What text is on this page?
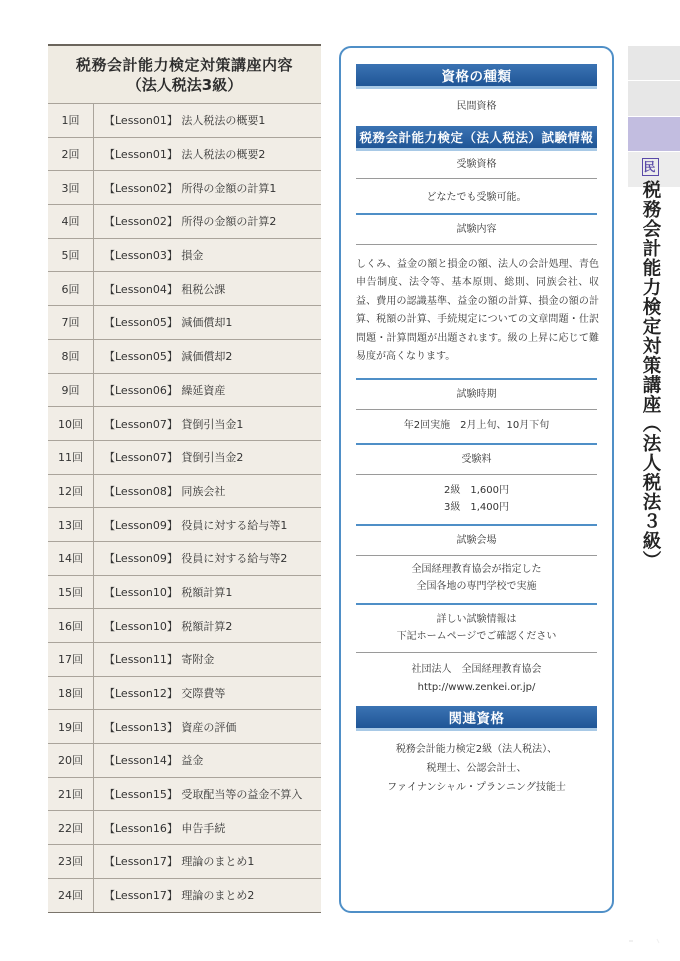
税務会計能力検定対策講座内容
（法人税法3級）
1回	【Lesson01】 法人税法の概要1
2回	【Lesson01】 法人税法の概要2
3回	【Lesson02】 所得の金額の計算1
4回	【Lesson02】 所得の金額の計算2
5回	【Lesson03】 損金
6回	【Lesson04】 租税公課
7回	【Lesson05】 減価償却1
8回	【Lesson05】 減価償却2
9回	【Lesson06】 繰延資産
10回	【Lesson07】 貸倒引当金1
11回	【Lesson07】 貸倒引当金2
12回	【Lesson08】 同族会社
13回	【Lesson09】 役員に対する給与等1
14回	【Lesson09】 役員に対する給与等2
15回	【Lesson10】 税額計算1
16回	【Lesson10】 税額計算2
17回	【Lesson11】 寄附金
18回	【Lesson12】 交際費等
19回	【Lesson13】 資産の評価
20回	【Lesson14】 益金
21回	【Lesson15】 受取配当等の益金不算入
22回	【Lesson16】 申告手続
23回	【Lesson17】 理論のまとめ1
24回	【Lesson17】 理論のまとめ2
資格の種類
民間資格
税務会計能力検定（法人税法）試験情報
受験資格
どなたでも受験可能。
試験内容
しくみ、益金の額と損金の額、法人の会計処理、青色申告制度、法令等、基本原則、総則、同族会社、収益、費用の認識基準、益金の額の計算、損金の額の計算、税額の計算、手続規定についての文章問題・仕訳問題・計算問題が出題されます。級の上昇に応じて難易度が高くなります。
試験時期
年2回実施　2月上旬、10月下旬
受験料
2級　1,600円
3級　1,400円
試験会場
全国経理教育協会が指定した
全国各地の専門学校で実施
詳しい試験情報は
下記ホームページでご確認ください
社団法人　全国経理教育協会
http://www.zenkei.or.jp/
関連資格
税務会計能力検定2級（法人税法）、
税理士、公認会計士、
ファイナンシャル・プランニング技能士
民税務会計能力検定対策講座（法人税法３級）
